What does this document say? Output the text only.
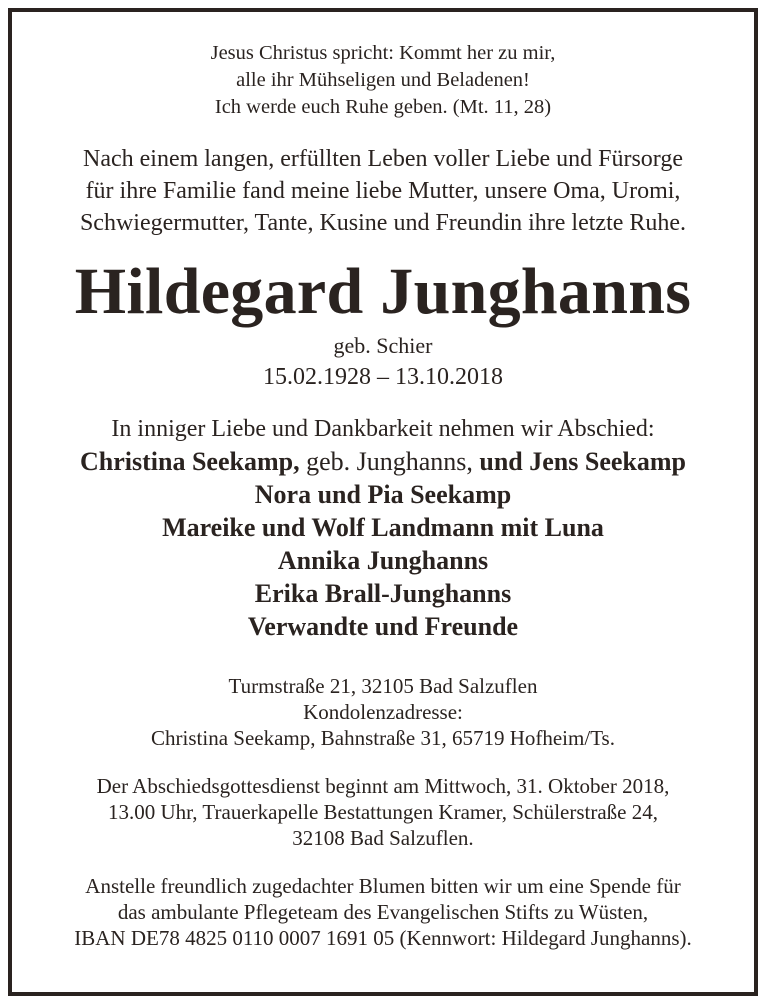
Jesus Christus spricht: Kommt her zu mir,
alle ihr Mühseligen und Beladenen!
Ich werde euch Ruhe geben. (Mt. 11, 28)
Nach einem langen, erfüllten Leben voller Liebe und Fürsorge
für ihre Familie fand meine liebe Mutter, unsere Oma, Uromi,
Schwiegermutter, Tante, Kusine und Freundin ihre letzte Ruhe.
Hildegard Junghanns
geb. Schier
15.02.1928 – 13.10.2018
In inniger Liebe und Dankbarkeit nehmen wir Abschied:
Christina Seekamp, geb. Junghanns, und Jens Seekamp
Nora und Pia Seekamp
Mareike und Wolf Landmann mit Luna
Annika Junghanns
Erika Brall-Junghanns
Verwandte und Freunde
Turmstraße 21, 32105 Bad Salzuflen
Kondolenzadresse:
Christina Seekamp, Bahnstraße 31, 65719 Hofheim/Ts.
Der Abschiedsgottesdienst beginnt am Mittwoch, 31. Oktober 2018,
13.00 Uhr, Trauerkapelle Bestattungen Kramer, Schülerstraße 24,
32108 Bad Salzuflen.
Anstelle freundlich zugedachter Blumen bitten wir um eine Spende für
das ambulante Pflegeteam des Evangelischen Stifts zu Wüsten,
IBAN DE78 4825 0110 0007 1691 05 (Kennwort: Hildegard Junghanns).
